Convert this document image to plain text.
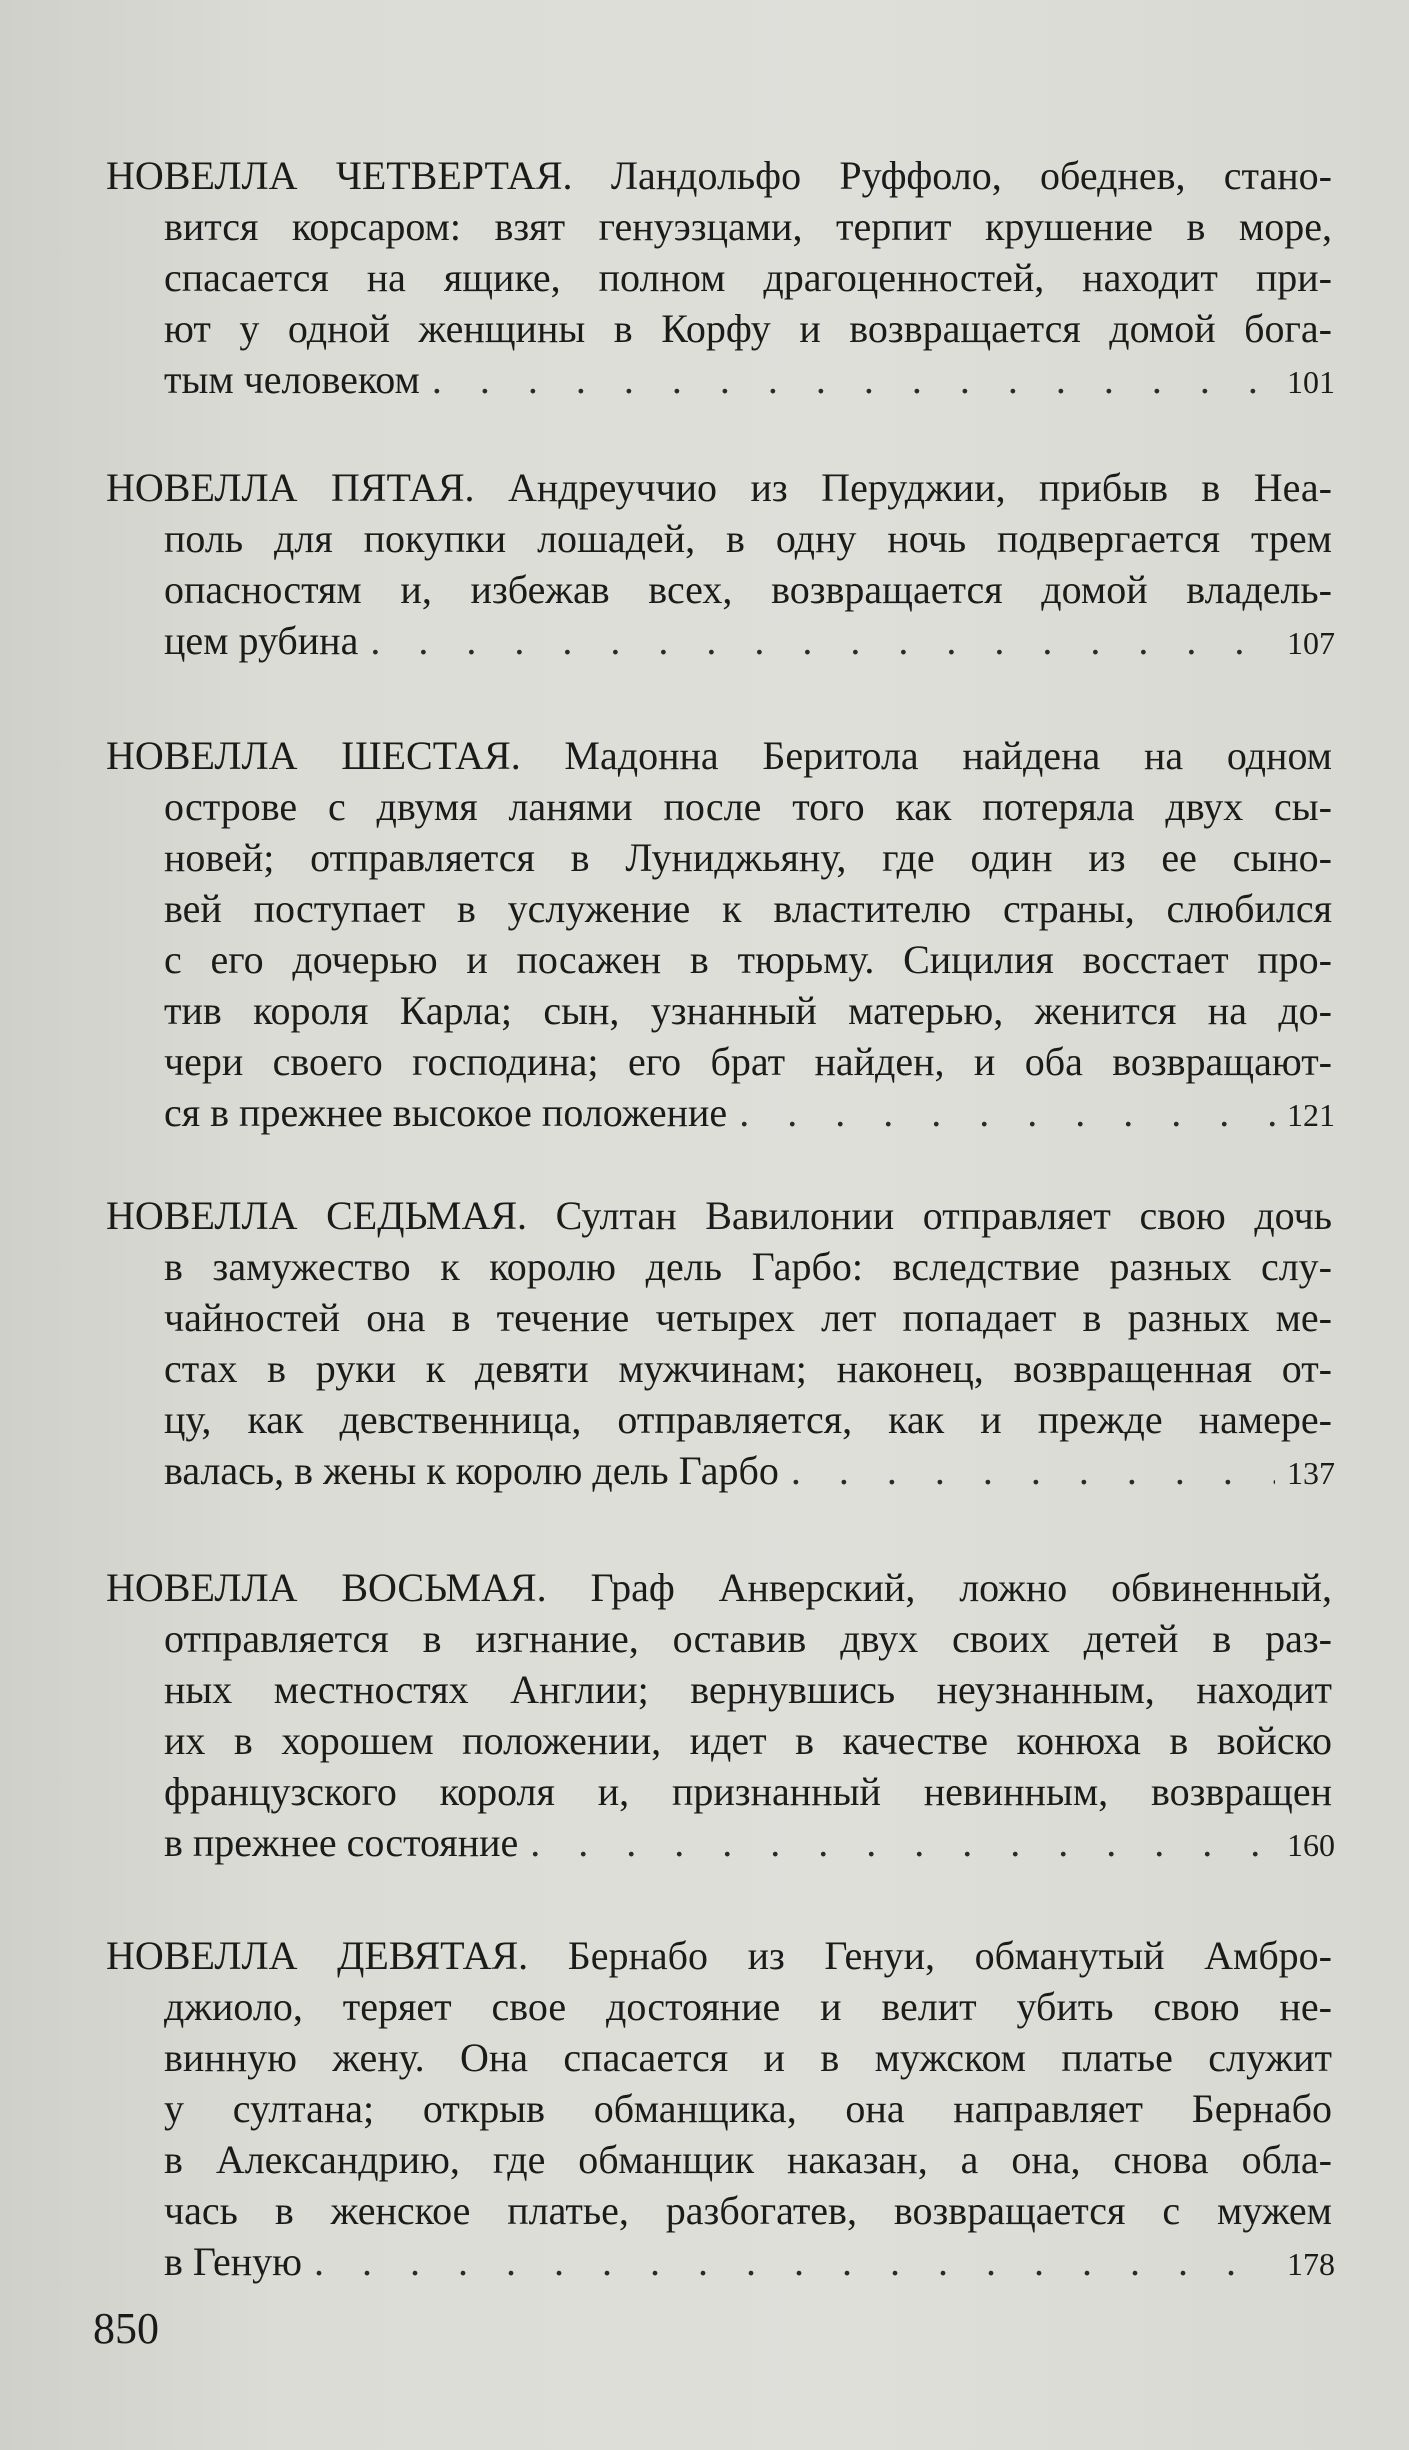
НОВЕЛЛА ЧЕТВЕРТАЯ. Ландольфо Руффоло, обеднев, стано-
вится корсаром: взят генуэзцами, терпит крушение в море,
спасается на ящике, полном драгоценностей, находит при-
ют у одной женщины в Корфу и возвращается домой бога-
тым человеком . . .	101
НОВЕЛЛА ПЯТАЯ. Андреуччио из Перуджии, прибыв в Неа-
поль для покупки лошадей, в одну ночь подвергается трем
опасностям и, избежав всех, возвращается домой владель-
цем рубина . . .	107
НОВЕЛЛА ШЕСТАЯ. Мадонна Беритола найдена на одном
острове с двумя ланями после того как потеряла двух сы-
новей; отправляется в Луниджьяну, где один из ее сыно-
вей поступает в услужение к властителю страны, слюбился
с его дочерью и посажен в тюрьму. Сицилия восстает про-
тив короля Карла; сын, узнанный матерью, женится на до-
чери своего господина; его брат найден, и оба возвращают-
ся в прежнее высокое положение . . .	121
НОВЕЛЛА СЕДЬМАЯ. Султан Вавилонии отправляет свою дочь
в замужество к королю дель Гарбо: вследствие разных слу-
чайностей она в течение четырех лет попадает в разных ме-
стах в руки к девяти мужчинам; наконец, возвращенная от-
цу, как девственница, отправляется, как и прежде намере-
валась, в жены к королю дель Гарбо . . .	137
НОВЕЛЛА ВОСЬМАЯ. Граф Анверский, ложно обвиненный,
отправляется в изгнание, оставив двух своих детей в раз-
ных местностях Англии; вернувшись неузнанным, находит
их в хорошем положении, идет в качестве конюха в войско
французского короля и, признанный невинным, возвращен
в прежнее состояние . . .	160
НОВЕЛЛА ДЕВЯТАЯ. Бернабо из Генуи, обманутый Амбро-
джиоло, теряет свое достояние и велит убить свою не-
винную жену. Она спасается и в мужском платье служит
у султана; открыв обманщика, она направляет Бернабо
в Александрию, где обманщик наказан, а она, снова обла-
чась в женское платье, разбогатев, возвращается с мужем
в Геную . . .	178
850
